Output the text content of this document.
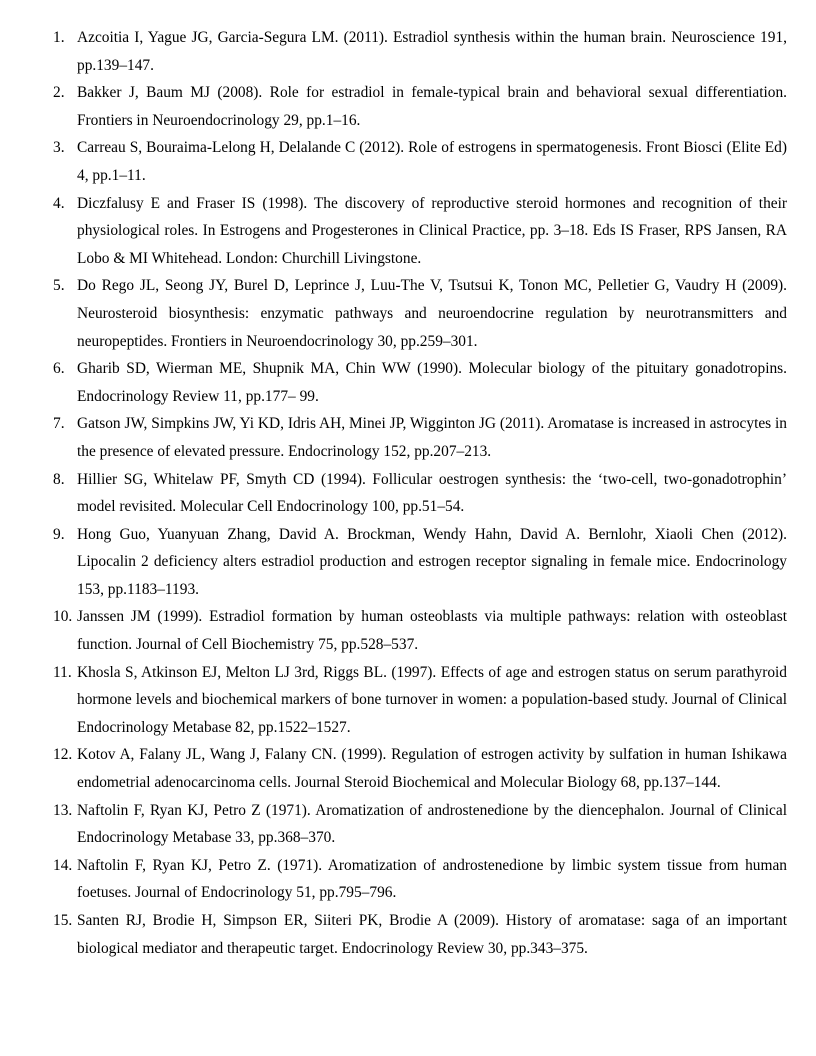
1. Azcoitia I, Yague JG, Garcia-Segura LM. (2011). Estradiol synthesis within the human brain. Neuroscience 191, pp.139–147.
2. Bakker J, Baum MJ (2008). Role for estradiol in female-typical brain and behavioral sexual differentiation. Frontiers in Neuroendocrinology 29, pp.1–16.
3. Carreau S, Bouraima-Lelong H, Delalande C (2012). Role of estrogens in spermatogenesis. Front Biosci (Elite Ed) 4, pp.1–11.
4. Diczfalusy E and Fraser IS (1998). The discovery of reproductive steroid hormones and recognition of their physiological roles. In Estrogens and Progesterones in Clinical Practice, pp. 3–18. Eds IS Fraser, RPS Jansen, RA Lobo & MI Whitehead. London: Churchill Livingstone.
5. Do Rego JL, Seong JY, Burel D, Leprince J, Luu-The V, Tsutsui K, Tonon MC, Pelletier G, Vaudry H (2009). Neurosteroid biosynthesis: enzymatic pathways and neuroendocrine regulation by neurotransmitters and neuropeptides. Frontiers in Neuroendocrinology 30, pp.259–301.
6. Gharib SD, Wierman ME, Shupnik MA, Chin WW (1990). Molecular biology of the pituitary gonadotropins. Endocrinology Review 11, pp.177– 99.
7. Gatson JW, Simpkins JW, Yi KD, Idris AH, Minei JP, Wigginton JG (2011). Aromatase is increased in astrocytes in the presence of elevated pressure. Endocrinology 152, pp.207–213.
8. Hillier SG, Whitelaw PF, Smyth CD (1994). Follicular oestrogen synthesis: the ‘two-cell, two-gonadotrophin’ model revisited. Molecular Cell Endocrinology 100, pp.51–54.
9. Hong Guo, Yuanyuan Zhang, David A. Brockman, Wendy Hahn, David A. Bernlohr, Xiaoli Chen (2012). Lipocalin 2 deficiency alters estradiol production and estrogen receptor signaling in female mice. Endocrinology 153, pp.1183–1193.
10. Janssen JM (1999). Estradiol formation by human osteoblasts via multiple pathways: relation with osteoblast function. Journal of Cell Biochemistry 75, pp.528–537.
11. Khosla S, Atkinson EJ, Melton LJ 3rd, Riggs BL. (1997). Effects of age and estrogen status on serum parathyroid hormone levels and biochemical markers of bone turnover in women: a population-based study. Journal of Clinical Endocrinology Metabase 82, pp.1522–1527.
12. Kotov A, Falany JL, Wang J, Falany CN. (1999). Regulation of estrogen activity by sulfation in human Ishikawa endometrial adenocarcinoma cells. Journal Steroid Biochemical and Molecular Biology 68, pp.137–144.
13. Naftolin F, Ryan KJ, Petro Z (1971). Aromatization of androstenedione by the diencephalon. Journal of Clinical Endocrinology Metabase 33, pp.368–370.
14. Naftolin F, Ryan KJ, Petro Z. (1971). Aromatization of androstenedione by limbic system tissue from human foetuses. Journal of Endocrinology 51, pp.795–796.
15. Santen RJ, Brodie H, Simpson ER, Siiteri PK, Brodie A (2009). History of aromatase: saga of an important biological mediator and therapeutic target. Endocrinology Review 30, pp.343–375.
